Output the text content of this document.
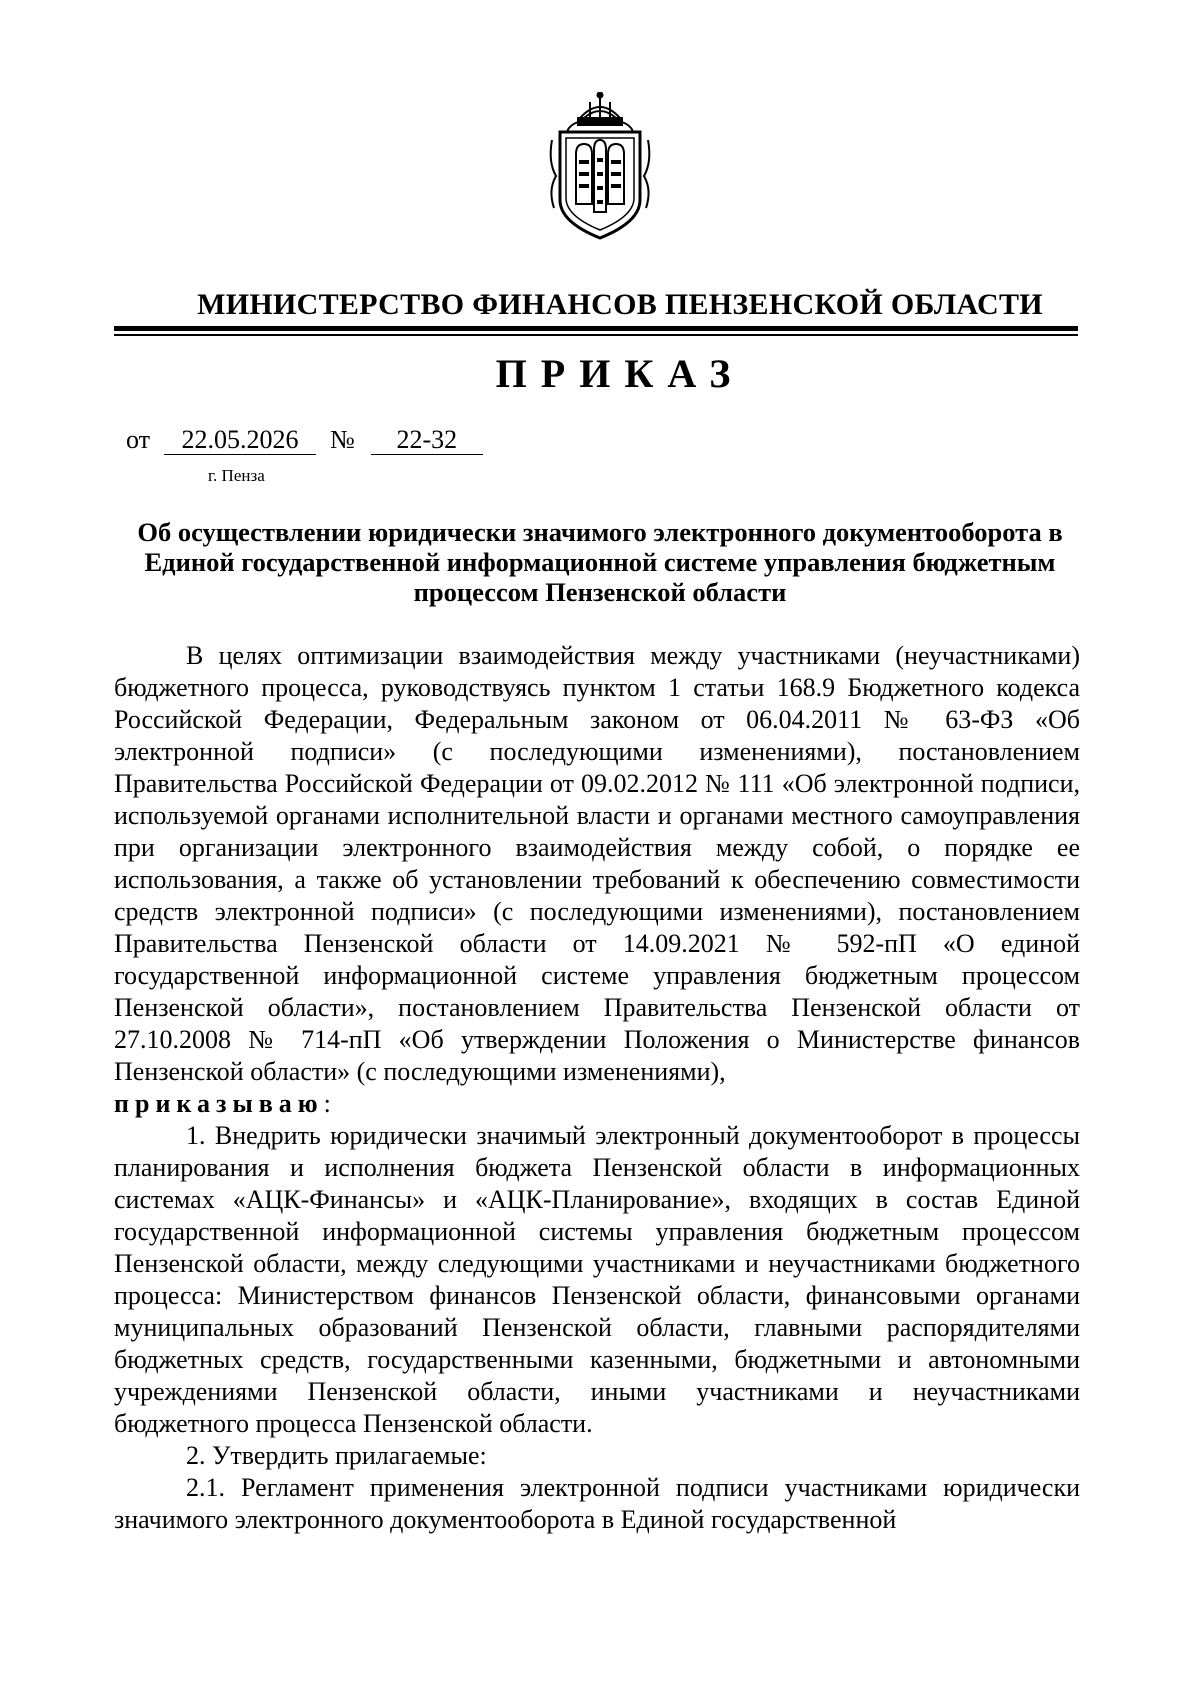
МИНИСТЕРСТВО ФИНАНСОВ ПЕНЗЕНСКОЙ ОБЛАСТИ
ПРИКАЗ
от 22.05.2026 № 22-32
г. Пенза
Об осуществлении юридически значимого электронного документооборота в Единой государственной информационной системе управления бюджетным процессом Пензенской области

В целях оптимизации взаимодействия между участниками (неучастниками) бюджетного процесса, руководствуясь пунктом 1 статьи 168.9 Бюджетного кодекса Российской Федерации, Федеральным законом от 06.04.2011 № 63-ФЗ «Об электронной подписи» (с последующими изменениями), постановлением Правительства Российской Федерации от 09.02.2012 № 111 «Об электронной подписи, используемой органами исполнительной власти и органами местного самоуправления при организации электронного взаимодействия между собой, о порядке ее использования, а также об установлении требований к обеспечению совместимости средств электронной подписи» (с последующими изменениями), постановлением Правительства Пензенской области от 14.09.2021 № 592-пП «О единой государственной информационной системе управления бюджетным процессом Пензенской области», постановлением Правительства Пензенской области от 27.10.2008 № 714-пП «Об утверждении Положения о Министерстве финансов Пензенской области» (с последующими изменениями),
приказываю:

1. Внедрить юридически значимый электронный документооборот в процессы планирования и исполнения бюджета Пензенской области в информационных системах «АЦК-Финансы» и «АЦК-Планирование», входящих в состав Единой государственной информационной системы управления бюджетным процессом Пензенской области, между следующими участниками и неучастниками бюджетного процесса: Министерством финансов Пензенской области, финансовыми органами муниципальных образований Пензенской области, главными распорядителями бюджетных средств, государственными казенными, бюджетными и автономными учреждениями Пензенской области, иными участниками и неучастниками бюджетного процесса Пензенской области.

2. Утвердить прилагаемые:

2.1. Регламент применения электронной подписи участниками юридически значимого электронного документооборота в Единой государственной
